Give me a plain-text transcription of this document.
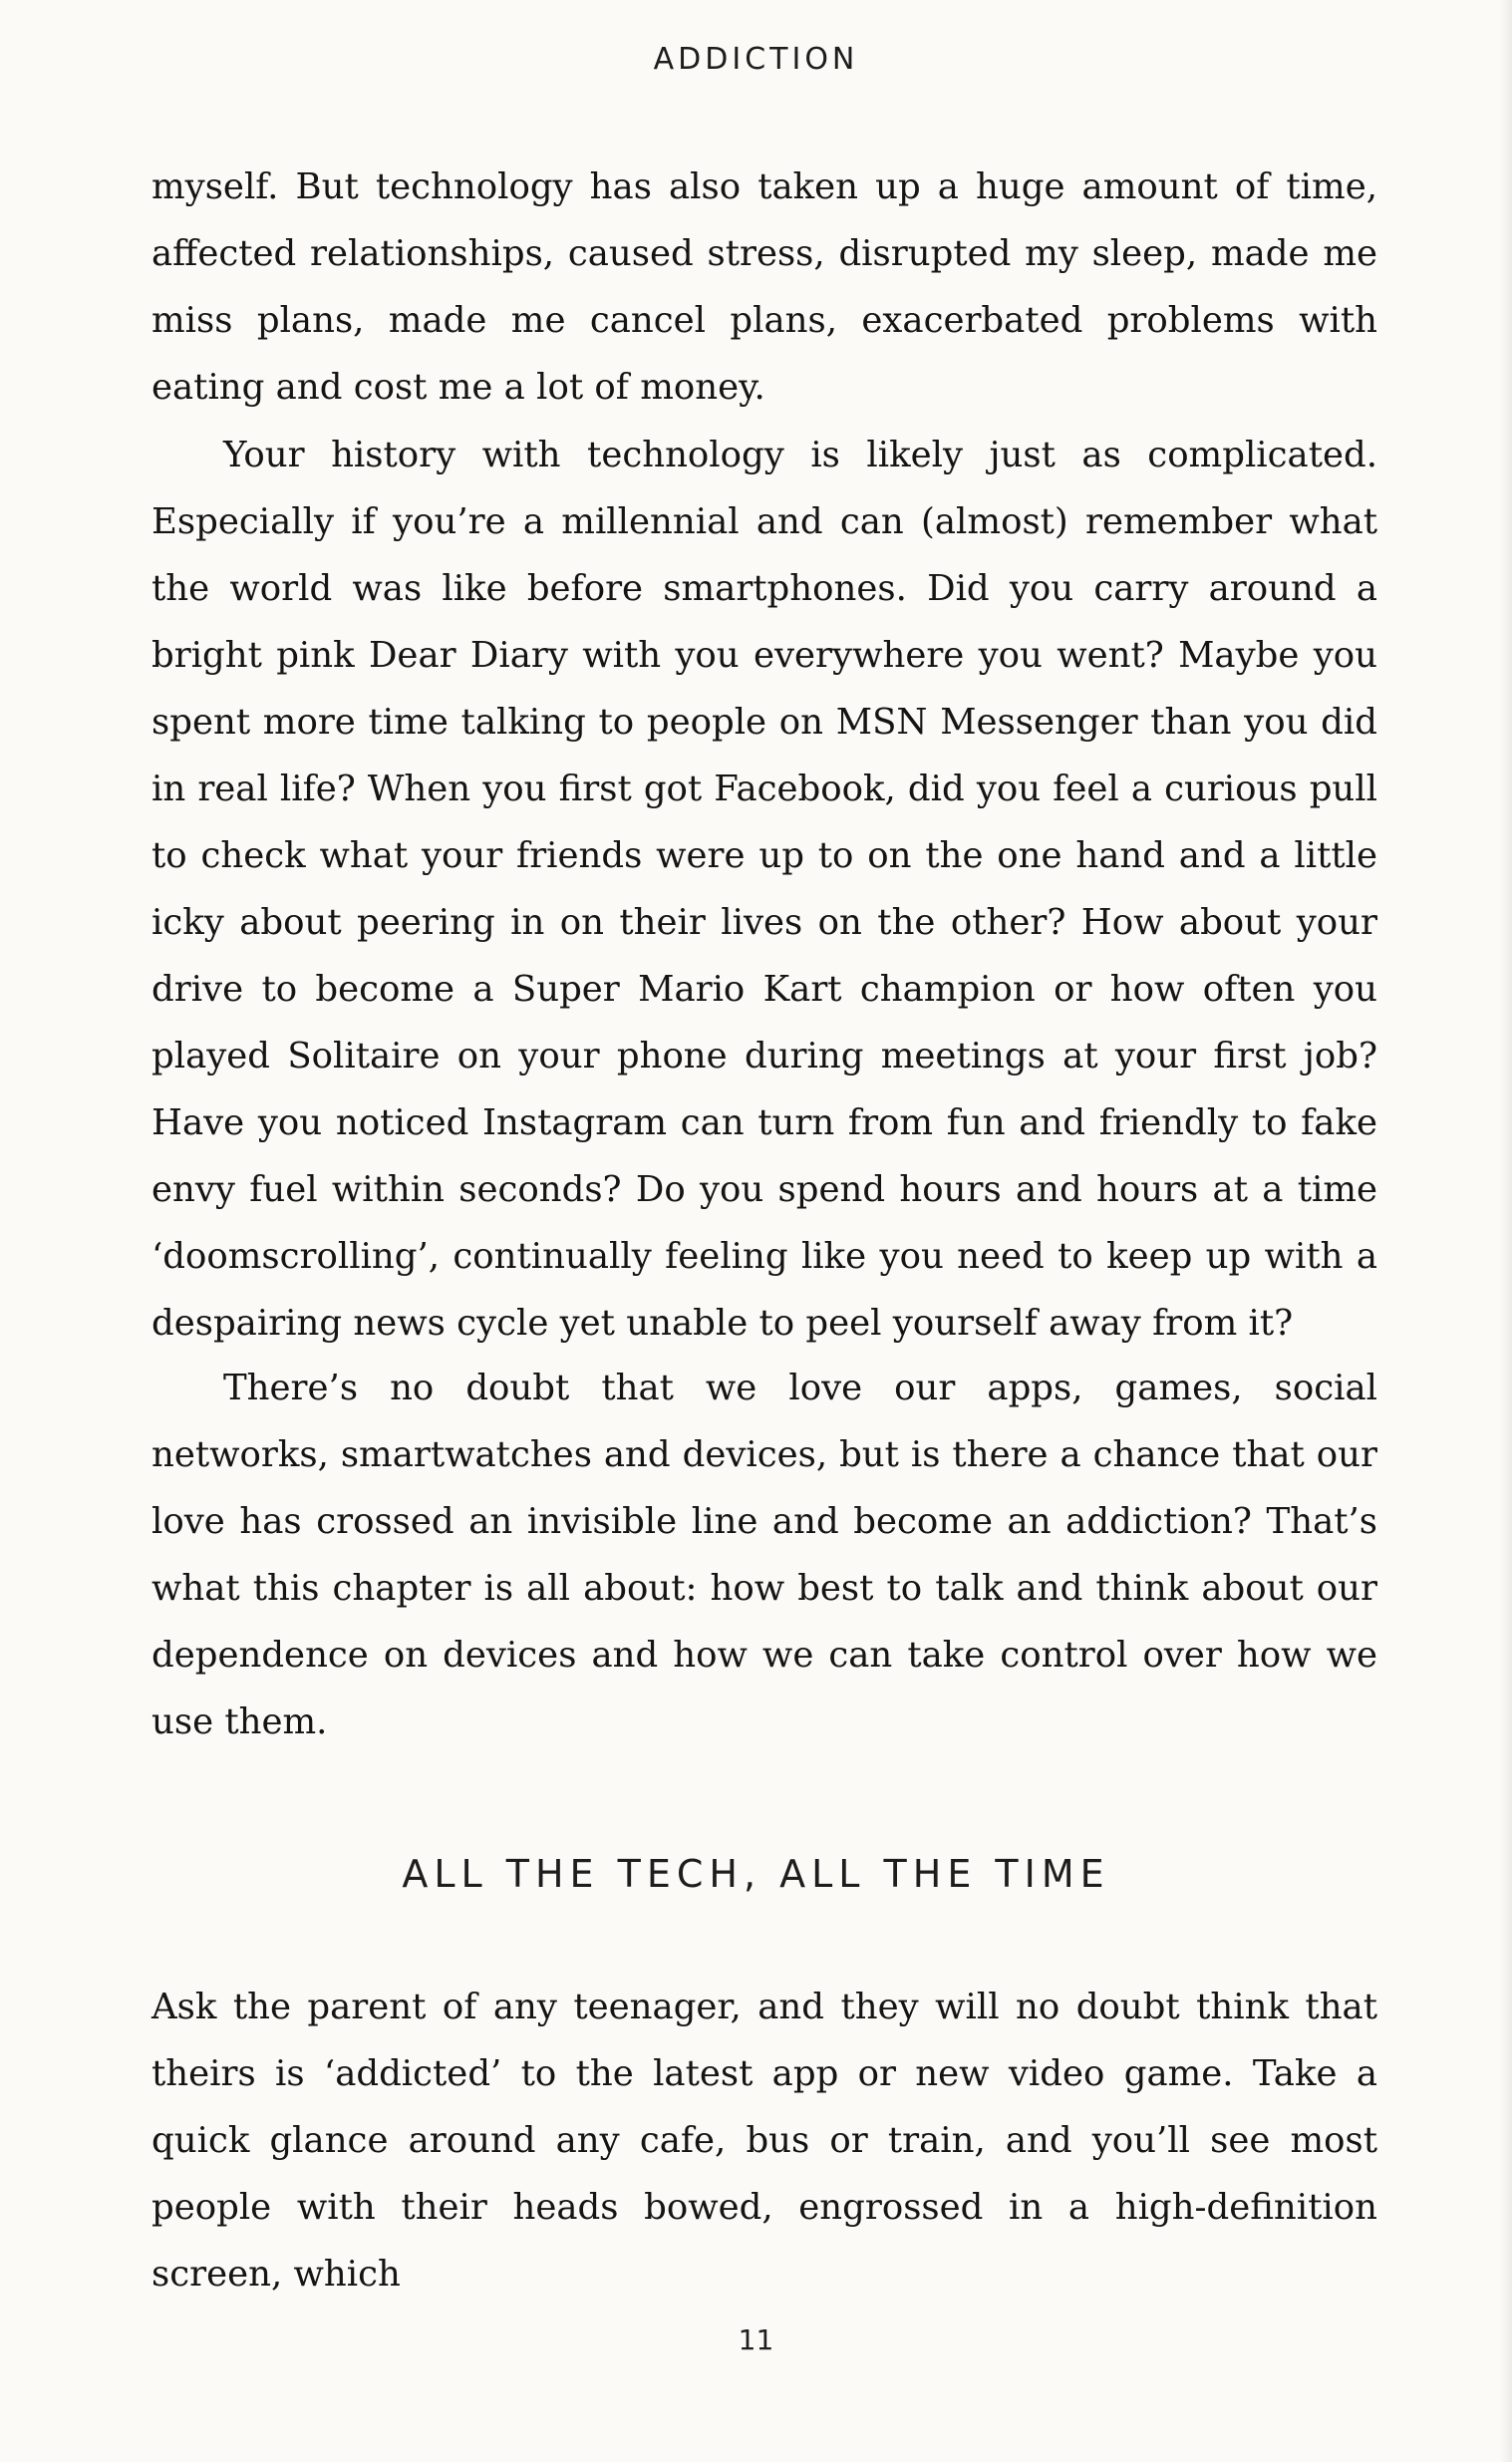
ADDICTION

myself. But technology has also taken up a huge amount of time, affected relationships, caused stress, disrupted my sleep, made me miss plans, made me cancel plans, exacerbated problems with eating and cost me a lot of money.

Your history with technology is likely just as complicated. Especially if you’re a millennial and can (almost) remember what the world was like before smartphones. Did you carry around a bright pink Dear Diary with you everywhere you went? Maybe you spent more time talking to people on MSN Messenger than you did in real life? When you first got Facebook, did you feel a curious pull to check what your friends were up to on the one hand and a little icky about peering in on their lives on the other? How about your drive to become a Super Mario Kart champion or how often you played Solitaire on your phone during meetings at your first job? Have you noticed Instagram can turn from fun and friendly to fake envy fuel within seconds? Do you spend hours and hours at a time ‘doomscrolling’, continually feeling like you need to keep up with a despairing news cycle yet unable to peel yourself away from it?

There’s no doubt that we love our apps, games, social networks, smartwatches and devices, but is there a chance that our love has crossed an invisible line and become an addiction? That’s what this chapter is all about: how best to talk and think about our dependence on devices and how we can take control over how we use them.

ALL THE TECH, ALL THE TIME

Ask the parent of any teenager, and they will no doubt think that theirs is ‘addicted’ to the latest app or new video game. Take a quick glance around any cafe, bus or train, and you’ll see most people with their heads bowed, engrossed in a high-definition screen, which

11
